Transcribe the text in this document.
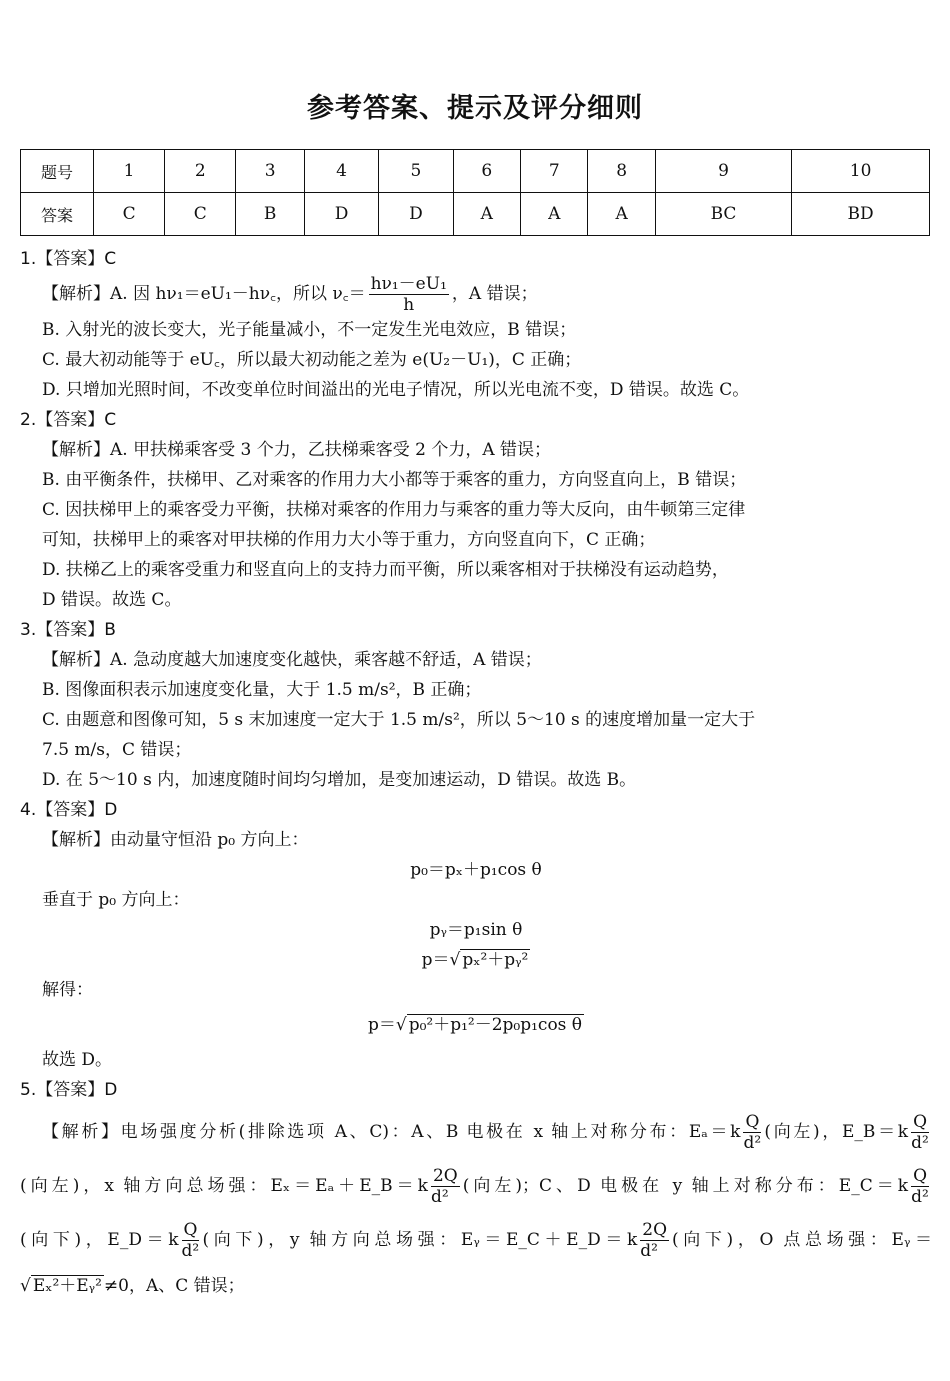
参考答案、提示及评分细则
题号	1	2	3	4	5	6	7	8	9	10
答案	C	C	B	D	D	A	A	A	BC	BD
1.【答案】C
【解析】A. 因 hν₁＝eU₁－hν꜀，所以 ν꜀＝ $\frac{\text{hν₁－eU₁}}{h}$ ，A 错误；
B. 入射光的波长变大，光子能量减小，不一定发生光电效应，B 错误；
C. 最大初动能等于 eU꜀，所以最大初动能之差为 e(U₂－U₁)，C 正确；
D. 只增加光照时间，不改变单位时间溢出的光电子情况，所以光电流不变，D 错误。故选 C。
2.【答案】C
【解析】A. 甲扶梯乘客受 3 个力，乙扶梯乘客受 2 个力，A 错误；
B. 由平衡条件，扶梯甲、乙对乘客的作用力大小都等于乘客的重力，方向竖直向上，B 错误；
C. 因扶梯甲上的乘客受力平衡，扶梯对乘客的作用力与乘客的重力等大反向，由牛顿第三定律
可知，扶梯甲上的乘客对甲扶梯的作用力大小等于重力，方向竖直向下，C 正确；
D. 扶梯乙上的乘客受重力和竖直向上的支持力而平衡，所以乘客相对于扶梯没有运动趋势，
D 错误。故选 C。
3.【答案】B
【解析】A. 急动度越大加速度变化越快，乘客越不舒适，A 错误；
B. 图像面积表示加速度变化量，大于 1.5 m/s²，B 正确；
C. 由题意和图像可知，5 s 末加速度一定大于 1.5 m/s²，所以 5～10 s 的速度增加量一定大于
7.5 m/s，C 错误；
D. 在 5～10 s 内，加速度随时间均匀增加，是变加速运动，D 错误。故选 B。
4.【答案】D
【解析】由动量守恒沿 p₀ 方向上：
p₀＝pₓ＋p₁cos θ
垂直于 p₀ 方向上：
pᵧ＝p₁sin θ
p＝√ pₓ²＋pᵧ²
解得：
p＝√ p₀²＋p₁²－2p₀p₁cos θ
故选 D。
5.【答案】D
【解析】电场强度分析(排除选项 A、C)：A、B 电极在 x 轴上对称分布：$E_a=k \frac{Q}{\text{d²}}$ (向左)，E_B＝k $\frac{Q}{\text{d²}}$
(向左)，x 轴方向总场强：Eₓ＝Eₐ＋E_B＝k $\frac{2Q}{\text{d²}}$ (向左)；C、D 电极在 y 轴上对称分布：E_C＝k $\frac{Q}{\text{d²}}$
(向下)，E_D＝k $\frac{Q}{\text{d²}}$ (向下)，y 轴方向总场强：Eᵧ＝E_C＋E_D＝k $\frac{2Q}{\text{d²}}$ (向下)，O 点总场强：Eᵧ＝
√ Eₓ²＋Eᵧ² ≠0，A、C 错误；
